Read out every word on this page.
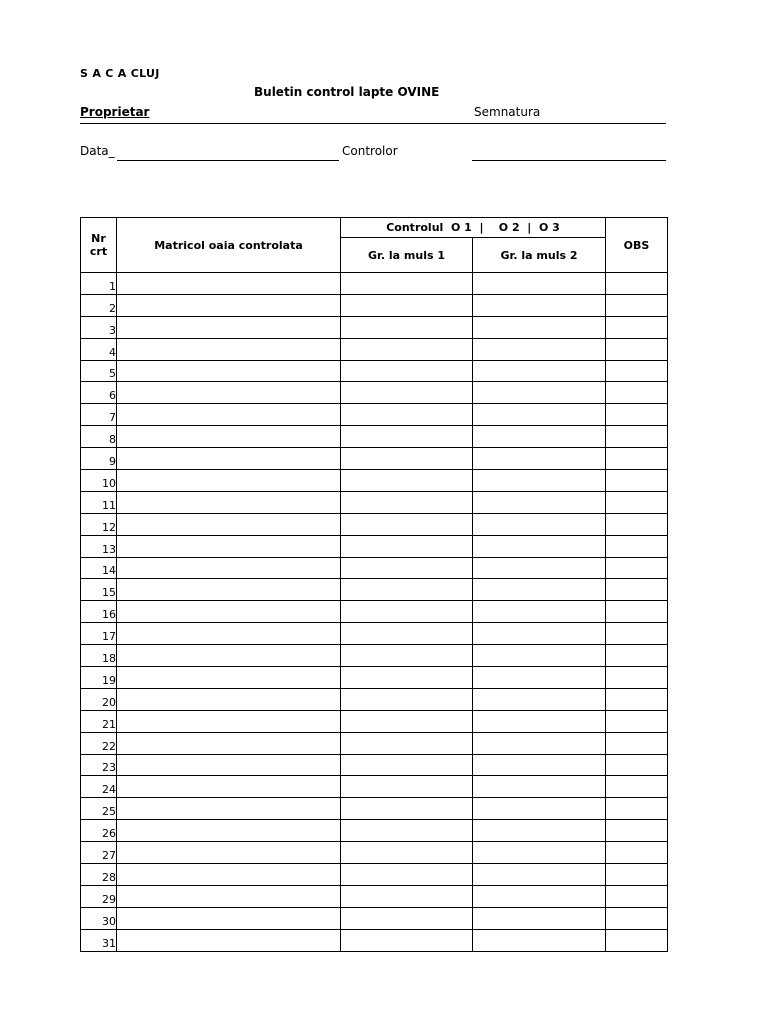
S A C A CLUJ
Buletin control lapte OVINE
Proprietar	Semnatura
Data_	Controlor
Nr
crt	Matricol oaia controlata	Controlul  O 1  |    O 2  |  O 3		OBS
		Gr. la muls 1	Gr. la muls 2	
1				
2				
3				
4				
5				
6				
7				
8				
9				
10				
11				
12				
13				
14				
15				
16				
17				
18				
19				
20				
21				
22				
23				
24				
25				
26				
27				
28				
29				
30				
31				
